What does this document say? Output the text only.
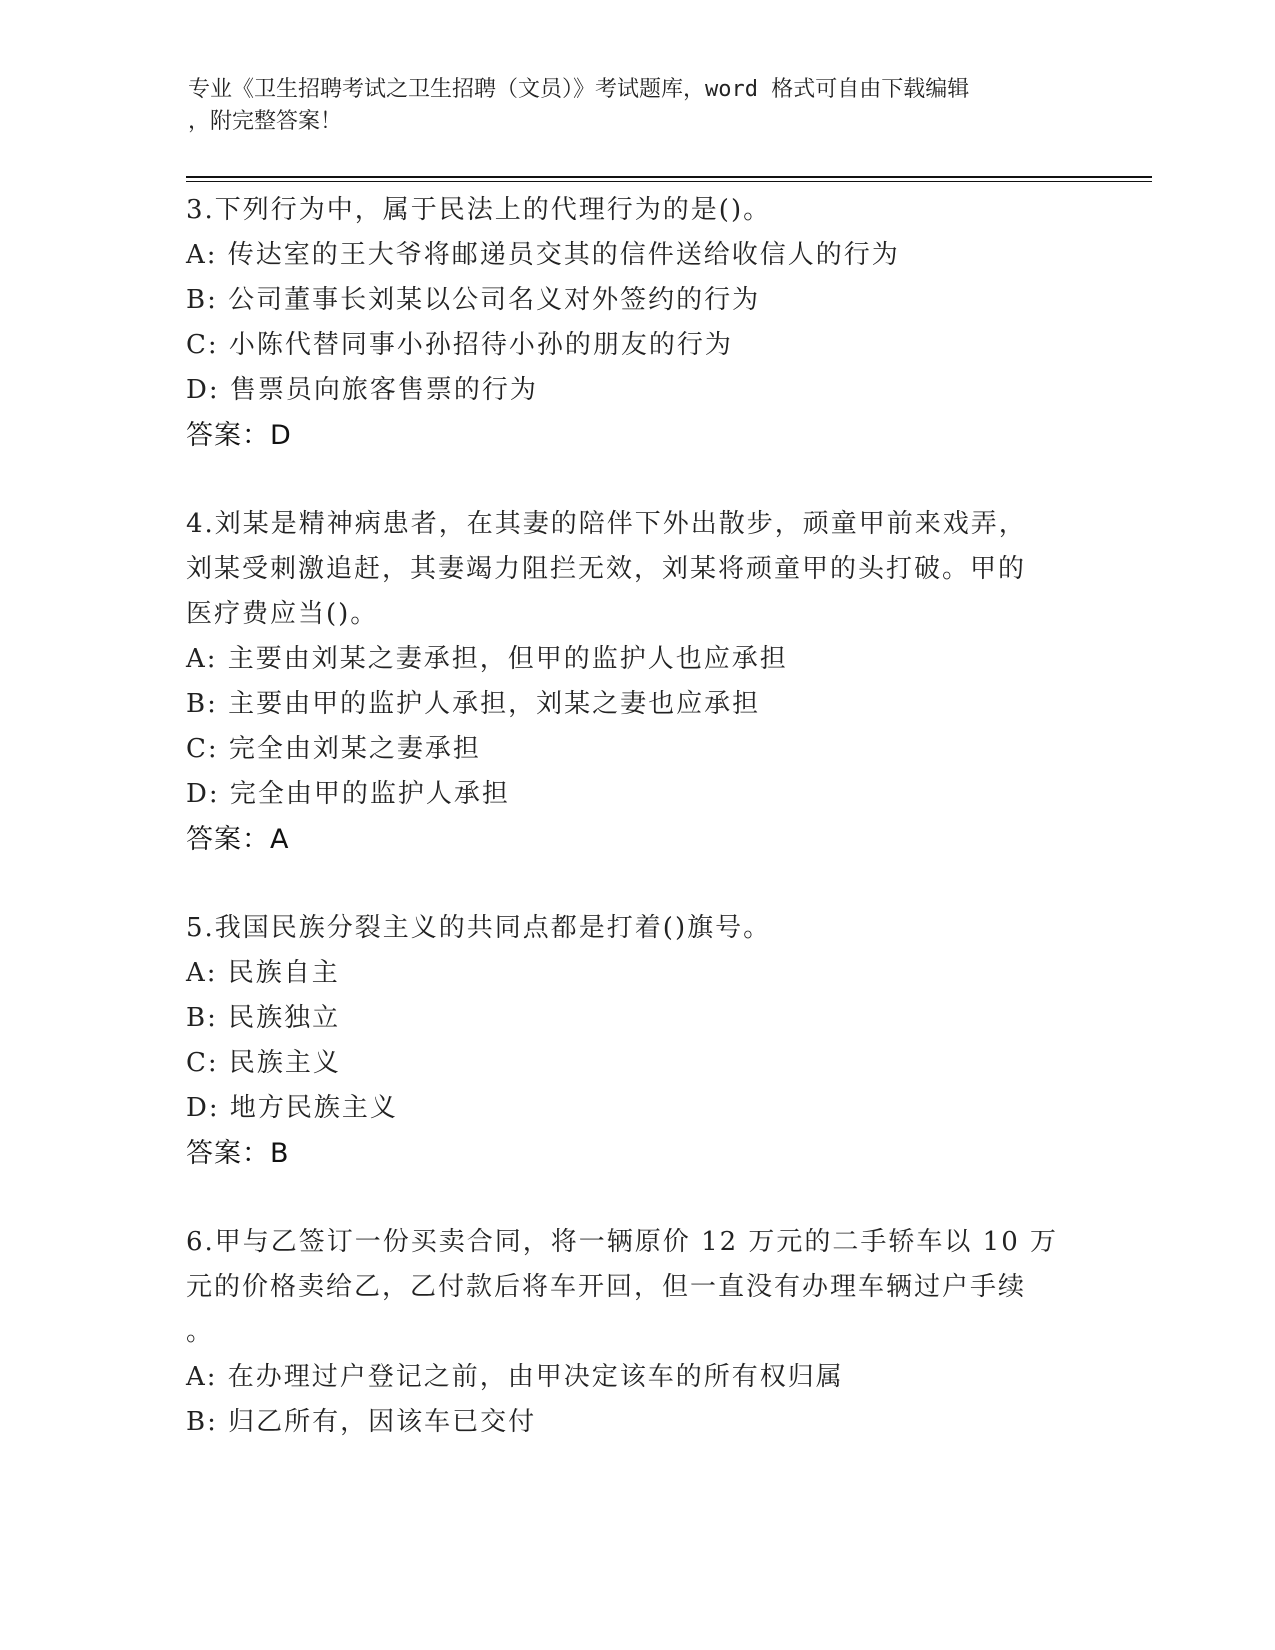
专业《卫生招聘考试之卫生招聘（文员）》考试题库，word 格式可自由下载编辑
，附完整答案！
3.下列行为中，属于民法上的代理行为的是()。
A: 传达室的王大爷将邮递员交其的信件送给收信人的行为
B: 公司董事长刘某以公司名义对外签约的行为
C: 小陈代替同事小孙招待小孙的朋友的行为
D: 售票员向旅客售票的行为
答案：D
4.刘某是精神病患者，在其妻的陪伴下外出散步，顽童甲前来戏弄，
刘某受刺激追赶，其妻竭力阻拦无效，刘某将顽童甲的头打破。甲的
医疗费应当()。
A: 主要由刘某之妻承担，但甲的监护人也应承担
B: 主要由甲的监护人承担，刘某之妻也应承担
C: 完全由刘某之妻承担
D: 完全由甲的监护人承担
答案：A
5.我国民族分裂主义的共同点都是打着()旗号。
A: 民族自主
B: 民族独立
C: 民族主义
D: 地方民族主义
答案：B
6.甲与乙签订一份买卖合同，将一辆原价 12 万元的二手轿车以 10 万
元的价格卖给乙，乙付款后将车开回，但一直没有办理车辆过户手续
。
A: 在办理过户登记之前，由甲决定该车的所有权归属
B: 归乙所有，因该车已交付
